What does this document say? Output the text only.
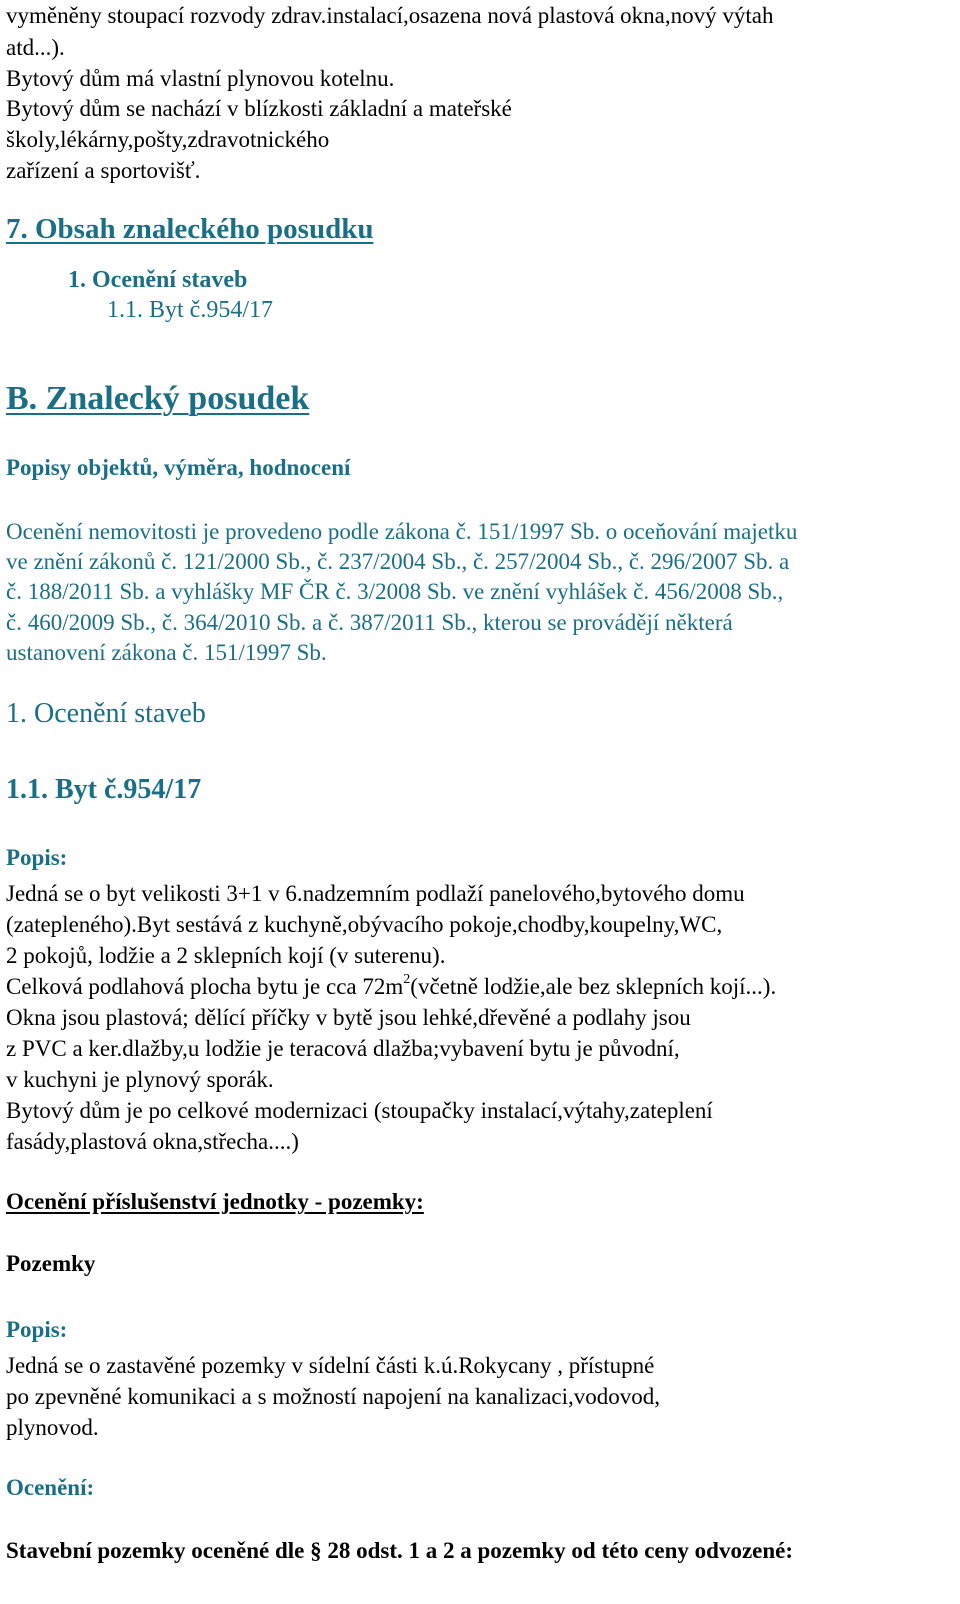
vyměněny stoupací rozvody zdrav.instalací,osazena nová plastová okna,nový výtah
atd...).
Bytový dům má vlastní plynovou kotelnu.
Bytový dům se nachází v blízkosti základní a mateřské
školy,lékárny,pošty,zdravotnického
zařízení a sportovišť.
7. Obsah znaleckého posudku
1. Ocenění staveb
1.1. Byt č.954/17
B. Znalecký posudek
Popisy objektů, výměra, hodnocení
Ocenění nemovitosti je provedeno podle zákona č. 151/1997 Sb. o oceňování majetku
ve znění zákonů č. 121/2000 Sb., č. 237/2004 Sb., č. 257/2004 Sb., č. 296/2007 Sb. a
č. 188/2011 Sb. a vyhlášky MF ČR č. 3/2008 Sb. ve znění vyhlášek č. 456/2008 Sb.,
č. 460/2009 Sb., č. 364/2010 Sb. a č. 387/2011 Sb., kterou se provádějí některá
ustanovení zákona č. 151/1997 Sb.
1. Ocenění staveb
1.1. Byt č.954/17
Popis:
Jedná se o byt velikosti 3+1 v 6.nadzemním podlaží panelového,bytového domu
(zatepleného).Byt sestává z kuchyně,obývacího pokoje,chodby,koupelny,WC,
2 pokojů, lodžie a 2 sklepních kojí (v suterenu).
Celková podlahová plocha bytu je cca $72m^2(včetně$ lodžie,ale bez sklepních kojí...).
Okna jsou plastová; dělící příčky v bytě jsou lehké,dřevěné a podlahy jsou
z PVC a ker.dlažby,u lodžie je teracová dlažba;vybavení bytu je původní,
v kuchyni je plynový sporák.
Bytový dům je po celkové modernizaci (stoupačky instalací,výtahy,zateplení
fasády,plastová okna,střecha....)
Ocenění příslušenství jednotky - pozemky:
Pozemky
Popis:
Jedná se o zastavěné pozemky v sídelní části k.ú.Rokycany , přístupné
po zpevněné komunikaci a s možností napojení na kanalizaci,vodovod,
plynovod.
Ocenění:
Stavební pozemky oceněné dle § 28 odst. 1 a 2 a pozemky od této ceny odvozené:
